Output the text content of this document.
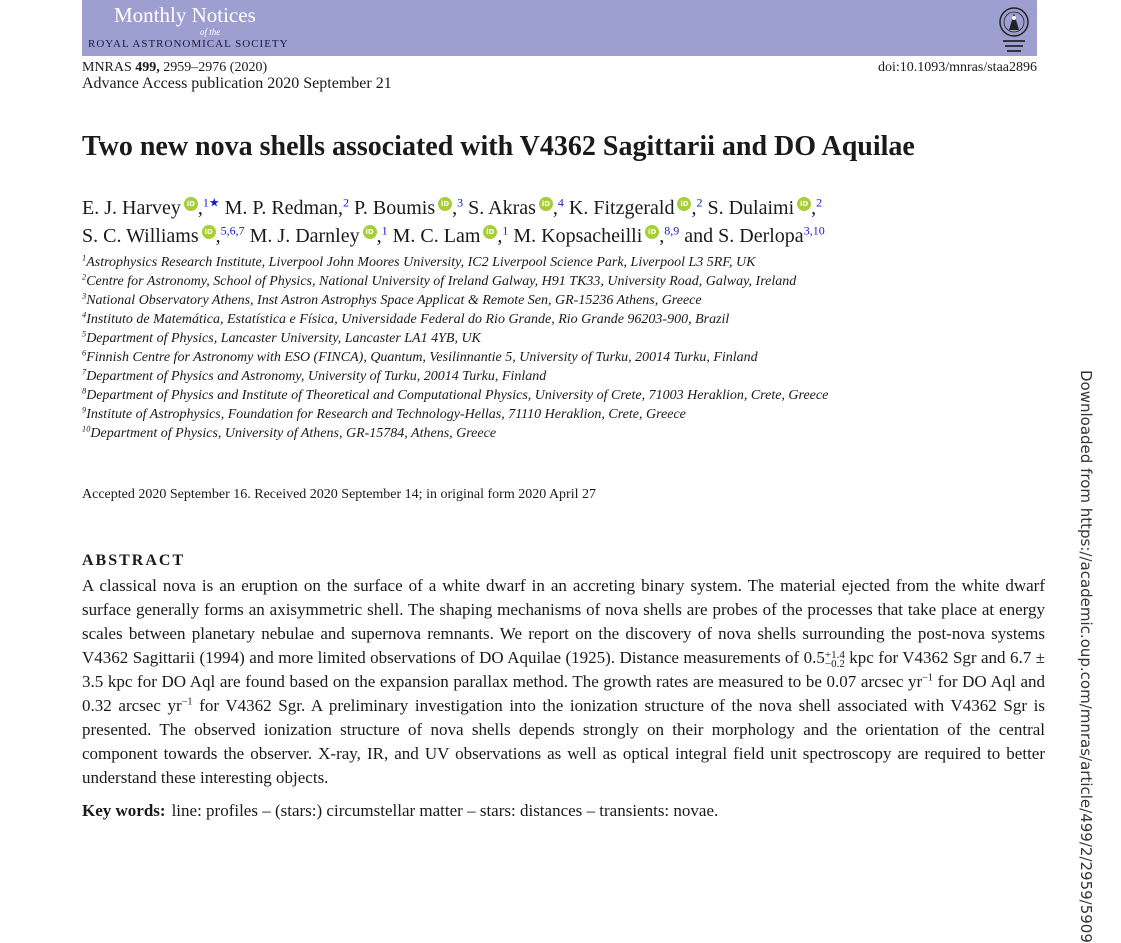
Monthly Notices
of the
ROYAL ASTRONOMICAL SOCIETY
MNRAS 499, 2959–2976 (2020)	doi:10.1093/mnras/staa2896
Advance Access publication 2020 September 21
Two new nova shells associated with V4362 Sagittarii and DO Aquilae
E. J. Harvey iD ,$^{1★}$ M. P. Redman,$^2$ P. Boumis iD ,$^3$ S. Akras iD ,$^4$ K. Fitzgerald iD ,$^2$ S. Dulaimi iD ,$^2$
S. C. Williams iD ,$^{5,6,7}$ M. J. Darnley iD ,$^1$ M. C. Lam iD ,$^1$ M. Kopsacheilli iD ,$^{8,9}$ and S. Derlopa$^{3,10}$
$^1$Astrophysics Research Institute, Liverpool John Moores University, IC2 Liverpool Science Park, Liverpool L3 5RF, UK
$^2$Centre for Astronomy, School of Physics, National University of Ireland Galway, H91 TK33, University Road, Galway, Ireland
$^3$National Observatory Athens, Inst Astron Astrophys Space Applicat & Remote Sen, GR-15236 Athens, Greece
$^4$Instituto de Matemática, Estatística e Física, Universidade Federal do Rio Grande, Rio Grande 96203-900, Brazil
$^5$Department of Physics, Lancaster University, Lancaster LA1 4YB, UK
$^6$Finnish Centre for Astronomy with ESO (FINCA), Quantum, Vesilinnantie 5, University of Turku, 20014 Turku, Finland
$^7$Department of Physics and Astronomy, University of Turku, 20014 Turku, Finland
$^8$Department of Physics and Institute of Theoretical and Computational Physics, University of Crete, 71003 Heraklion, Crete, Greece
$^9$Institute of Astrophysics, Foundation for Research and Technology-Hellas, 71110 Heraklion, Crete, Greece
$^{10}$Department of Physics, University of Athens, GR-15784, Athens, Greece
Accepted 2020 September 16. Received 2020 September 14; in original form 2020 April 27
ABSTRACT

A classical nova is an eruption on the surface of a white dwarf in an accreting binary system. The material ejected from the white dwarf surface generally forms an axisymmetric shell. The shaping mechanisms of nova shells are probes of the processes that take place at energy scales between planetary nebulae and supernova remnants. We report on the discovery of nova shells surrounding the post-nova systems V4362 Sagittarii (1994) and more limited observations of DO Aquilae (1925). Distance measurements of 0.5 +1.4
−0.2 kpc for V4362 Sgr and 6.7 ± 3.5 kpc for DO Aql are found based on the expansion parallax method. The growth rates are measured to be 0.07 arcsec $yr^{-1}$ for DO Aql and 0.32 arcsec $yr^{-1}$ for V4362 Sgr. A preliminary investigation into the ionization structure of the nova shell associated with V4362 Sgr is presented. The observed ionization structure of nova shells depends strongly on their morphology and the orientation of the central component towards the observer. X-ray, IR, and UV observations as well as optical integral field unit spectroscopy are required to better understand these interesting objects.

Key words: line: profiles – (stars:) circumstellar matter – stars: distances – transients: novae.	Downloaded from https://academic.oup.com/mnras/article/499/2/2959/5909
